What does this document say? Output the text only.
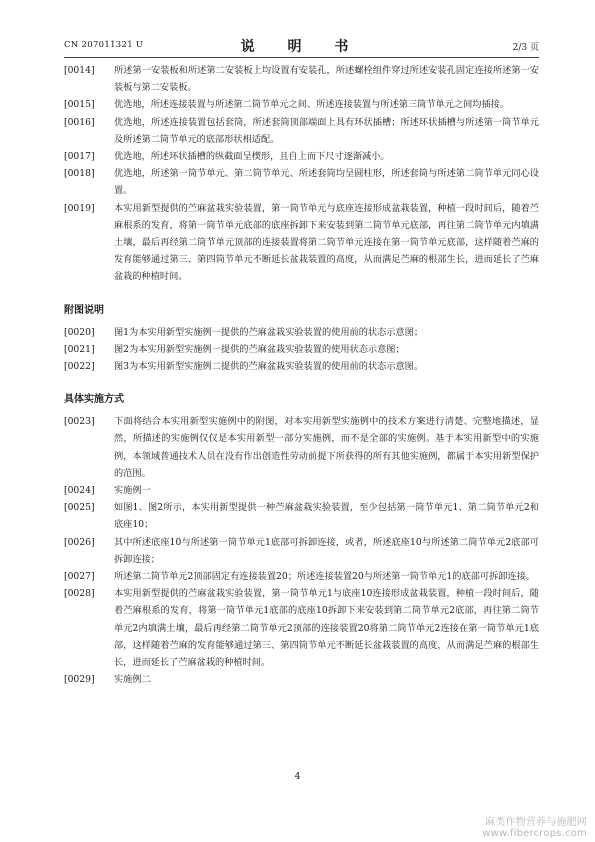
CN 207011321 U	说 明 书	2/3 页
[0014] 所述第一安装板和所述第二安装板上均设置有安装孔，所述螺栓组件穿过所述安装孔固定连接所述第一安装板与第二安装板。
[0015] 优选地，所述连接装置与所述第二筒节单元之间、所述连接装置与所述第三筒节单元之间均插接。
[0016] 优选地，所述连接装置包括套筒，所述套筒顶部端面上具有环状插槽；所述环状插槽与所述第一筒节单元及所述第二筒节单元的底部形状相适配。
[0017] 优选地，所述环状插槽的纵截面呈楔形，且自上而下尺寸逐渐减小。
[0018] 优选地，所述第一筒节单元、第二筒节单元、所述套筒均呈圆柱形，所述套筒与所述第二筒节单元同心设置。
[0019] 本实用新型提供的苎麻盆栽实验装置，第一筒节单元与底座连接形成盆栽装置，种植一段时间后，随着苎麻根系的发育，将第一筒节单元底部的底座拆卸下来安装到第二筒节单元底部，再往第二筒节单元内填满土壤，最后再经第二筒节单元顶部的连接装置将第二筒节单元连接在第一筒节单元底部，这样随着苎麻的发育能够通过第三、第四筒节单元不断延长盆栽装置的高度，从而满足苎麻的根部生长，进而延长了苎麻盆栽的种植时间。
附图说明
[0020] 图1为本实用新型实施例一提供的苎麻盆栽实验装置的使用前的状态示意图；
[0021] 图2为本实用新型实施例一提供的苎麻盆栽实验装置的使用状态示意图；
[0022] 图3为本实用新型实施例二提供的苎麻盆栽实验装置的使用前的状态示意图。
具体实施方式
[0023] 下面将结合本实用新型实施例中的附图，对本实用新型实施例中的技术方案进行清楚、完整地描述，显然，所描述的实施例仅仅是本实用新型一部分实施例，而不是全部的实施例。基于本实用新型中的实施例，本领域普通技术人员在没有作出创造性劳动前提下所获得的所有其他实施例，都属于本实用新型保护的范围。
[0024] 实施例一
[0025] 如图1、图2所示，本实用新型提供一种苎麻盆栽实验装置，至少包括第一筒节单元1、第二筒节单元2和底座10；
[0026] 其中所述底座10与所述第一筒节单元1底部可拆卸连接，或者，所述底座10与所述第二筒节单元2底部可拆卸连接；
[0027] 所述第二筒节单元2顶部固定有连接装置20；所述连接装置20与所述第一筒节单元1的底部可拆卸连接。
[0028] 本实用新型提供的苎麻盆栽实验装置，第一筒节单元1与底座10连接形成盆栽装置，种植一段时间后，随着苎麻根系的发育，将第一筒节单元1底部的底座10拆卸下来安装到第二筒节单元2底部，再往第二筒节单元2内填满土壤，最后再经第二筒节单元2顶部的连接装置20将第二筒节单元2连接在第一筒节单元1底部，这样随着苎麻的发育能够通过第三、第四筒节单元不断延长盆栽装置的高度，从而满足苎麻的根部生长，进而延长了苎麻盆栽的种植时间。
[0029] 实施例二
4
麻类作物营养与施肥网
www.fibercrops.com
